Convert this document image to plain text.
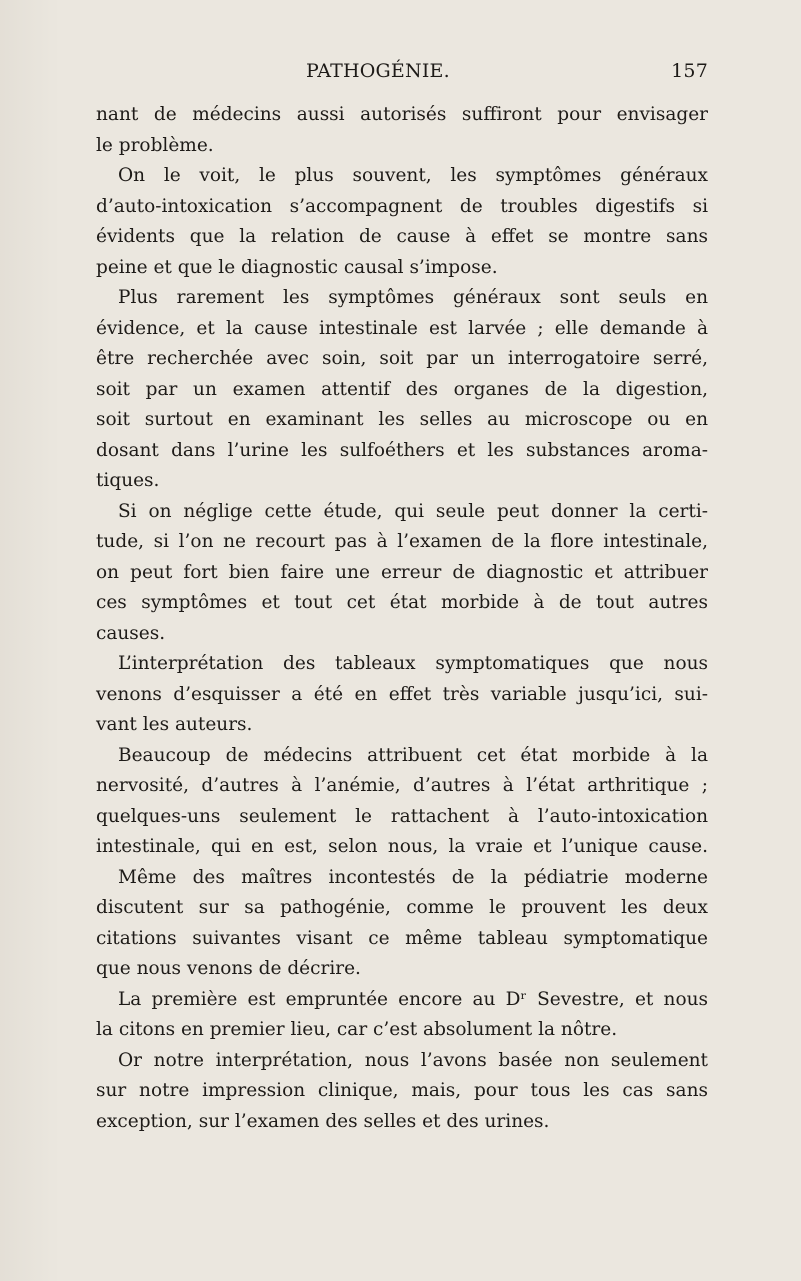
PATHOGÉNIE.	157
nant de médecins aussi autorisés suffiront pour envisager
le problème.
On le voit, le plus souvent, les symptômes généraux
d’auto-intoxication s’accompagnent de troubles digestifs si
évidents que la relation de cause à effet se montre sans
peine et que le diagnostic causal s’impose.
Plus rarement les symptômes généraux sont seuls en
évidence, et la cause intestinale est larvée ; elle demande à
être recherchée avec soin, soit par un interrogatoire serré,
soit par un examen attentif des organes de la digestion,
soit surtout en examinant les selles au microscope ou en
dosant dans l’urine les sulfoéthers et les substances aroma-
tiques.
Si on néglige cette étude, qui seule peut donner la certi-
tude, si l’on ne recourt pas à l’examen de la flore intestinale,
on peut fort bien faire une erreur de diagnostic et attribuer
ces symptômes et tout cet état morbide à de tout autres
causes.
L’interprétation des tableaux symptomatiques que nous
venons d’esquisser a été en effet très variable jusqu’ici, sui-
vant les auteurs.
Beaucoup de médecins attribuent cet état morbide à la
nervosité, d’autres à l’anémie, d’autres à l’état arthritique ;
quelques-uns seulement le rattachent à l’auto-intoxication
intestinale, qui en est, selon nous, la vraie et l’unique cause.
Même des maîtres incontestés de la pédiatrie moderne
discutent sur sa pathogénie, comme le prouvent les deux
citations suivantes visant ce même tableau symptomatique
que nous venons de décrire.
La première est empruntée encore au Dʳ Sevestre, et nous
la citons en premier lieu, car c’est absolument la nôtre.
Or notre interprétation, nous l’avons basée non seulement
sur notre impression clinique, mais, pour tous les cas sans
exception, sur l’examen des selles et des urines.
